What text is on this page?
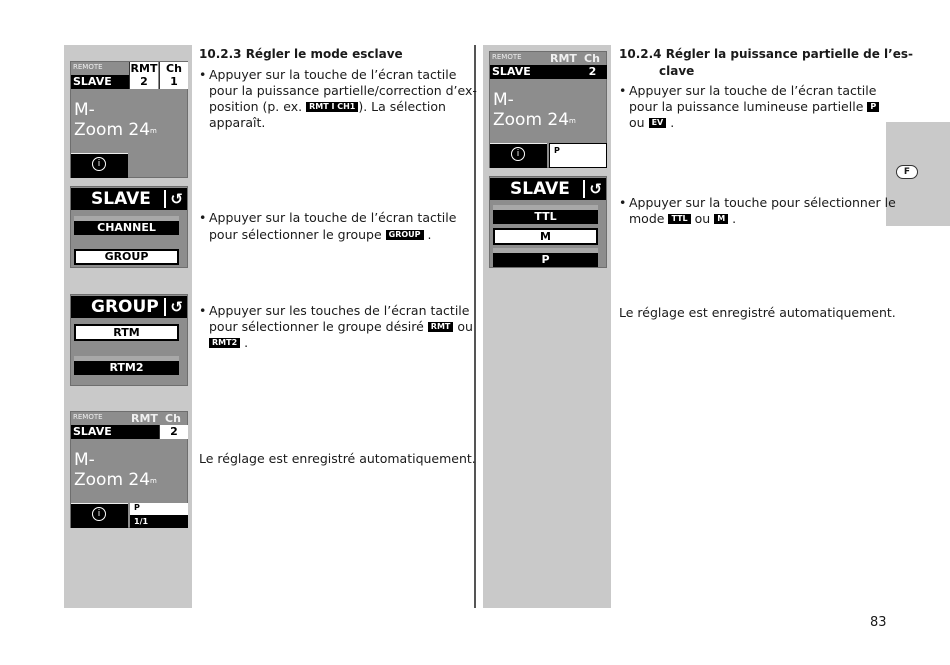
F
REMOTE	RMT Ch
SLAVE	2	1
M-
Zoom 24m
i
SLAVE	↺
CHANNEL
GROUP
GROUP ↺
RTM
RTM2
REMOTE	RMT Ch
SLAVE	2
M-
Zoom 24m
i
P
1/1
REMOTE	RMT Ch
SLAVE	2
M-
Zoom 24m
i	P
SLAVE	↺
TTL
M
P
10.2.3 Régler le mode esclave
• Appuyer sur la touche de l’écran tactile
pour la puissance partielle/correction d’ex-
position (p. ex. RMT I CH1 ). La sélection
apparaît.
• Appuyer sur la touche de l’écran tactile
pour sélectionner le groupe GROUP .
• Appuyer sur les touches de l’écran tactile
pour sélectionner le groupe désiré RMT ou
RMT2 .
Le réglage est enregistré automatiquement.
10.2.4 Régler la puissance partielle de l’es-
clave
• Appuyer sur la touche de l’écran tactile
pour la puissance lumineuse partielle P
ou EV .
• Appuyer sur la touche pour sélectionner le
mode TTL ou M .
Le réglage est enregistré automatiquement.
83
